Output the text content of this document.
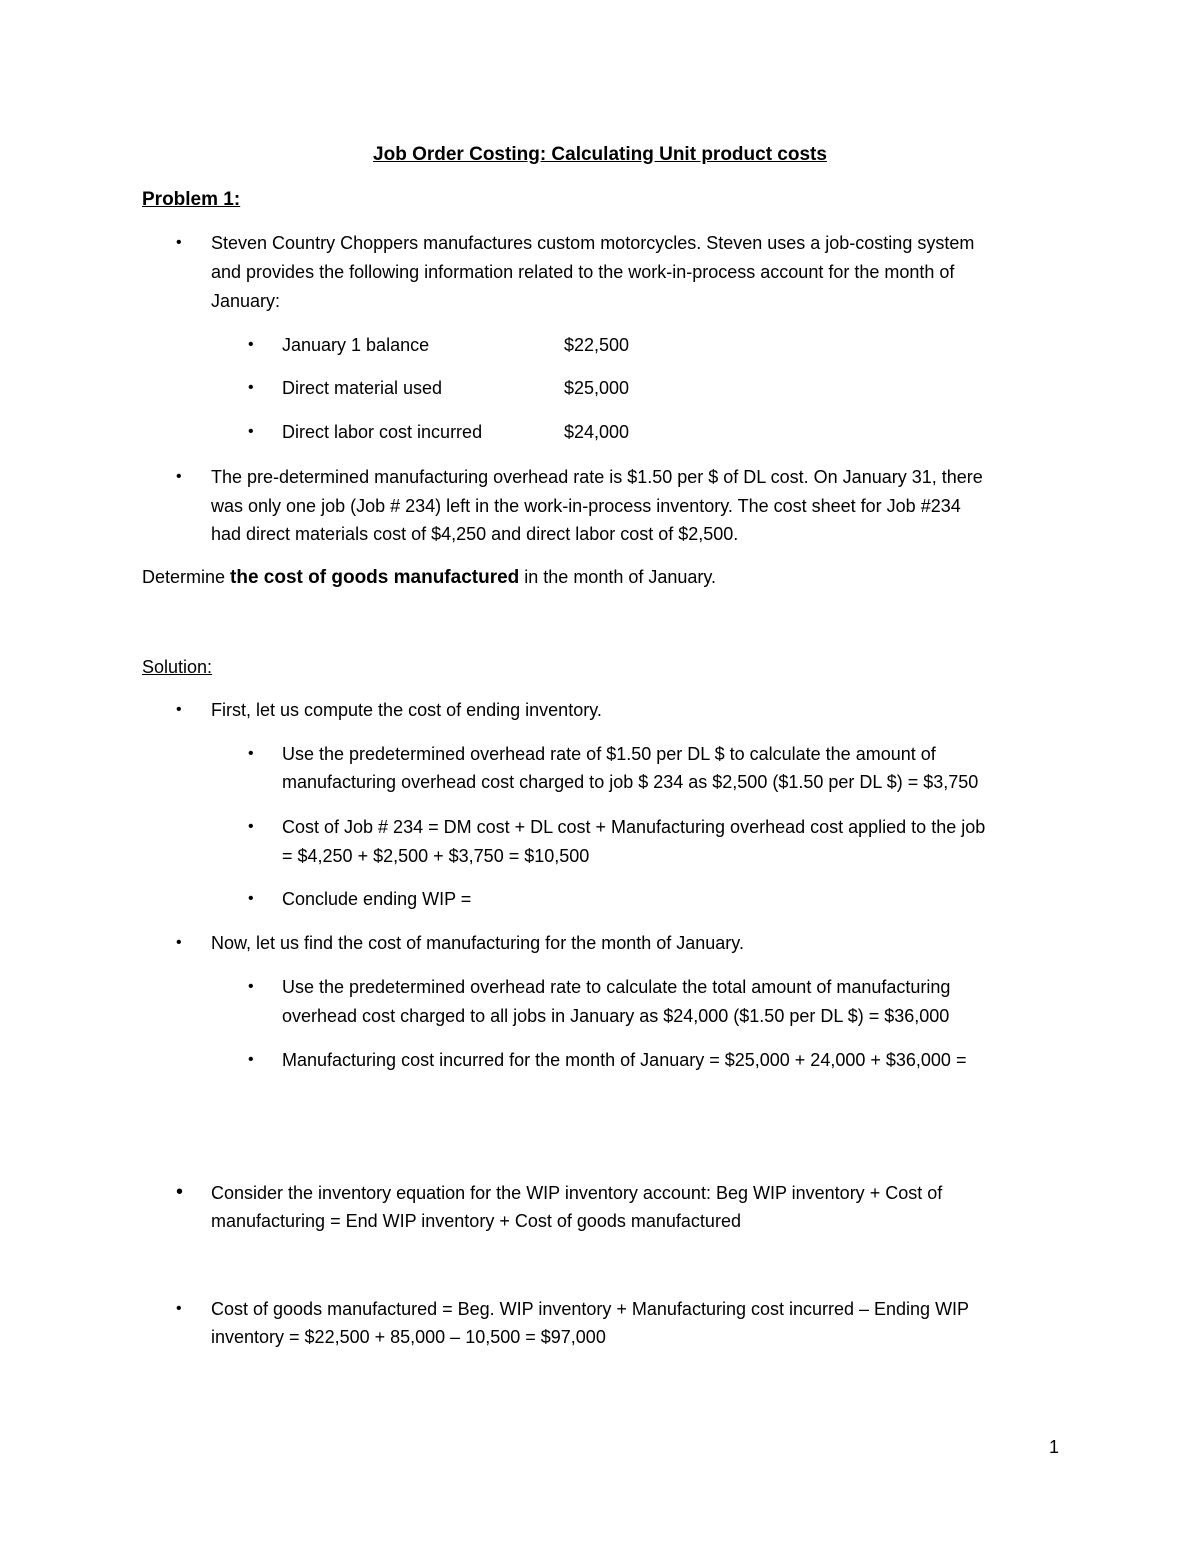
Job Order Costing: Calculating Unit product costs
Problem 1:
• Steven Country Choppers manufactures custom motorcycles. Steven uses a job-costing system
and provides the following information related to the work-in-process account for the month of
January:
• January 1 balance	$22,500
• Direct material used	$25,000
• Direct labor cost incurred	$24,000
• The pre-determined manufacturing overhead rate is $1.50 per $ of DL cost. On January 31, there
was only one job (Job # 234) left in the work-in-process inventory. The cost sheet for Job #234
had direct materials cost of $4,250 and direct labor cost of $2,500.
Determine the cost of goods manufactured in the month of January.
Solution:
• First, let us compute the cost of ending inventory.
• Use the predetermined overhead rate of $1.50 per DL $ to calculate the amount of
manufacturing overhead cost charged to job $ 234 as $2,500 ($1.50 per DL $) = $3,750
• Cost of Job # 234 = DM cost + DL cost + Manufacturing overhead cost applied to the job
= $4,250 + $2,500 + $3,750 = $10,500
• Conclude ending WIP =
• Now, let us find the cost of manufacturing for the month of January.
• Use the predetermined overhead rate to calculate the total amount of manufacturing
overhead cost charged to all jobs in January as $24,000 ($1.50 per DL $) = $36,000
• Manufacturing cost incurred for the month of January = $25,000 + 24,000 + $36,000 =
• Consider the inventory equation for the WIP inventory account: Beg WIP inventory + Cost of
manufacturing = End WIP inventory + Cost of goods manufactured
• Cost of goods manufactured = Beg. WIP inventory + Manufacturing cost incurred – Ending WIP
inventory = $22,500 + 85,000 – 10,500 = $97,000
1
